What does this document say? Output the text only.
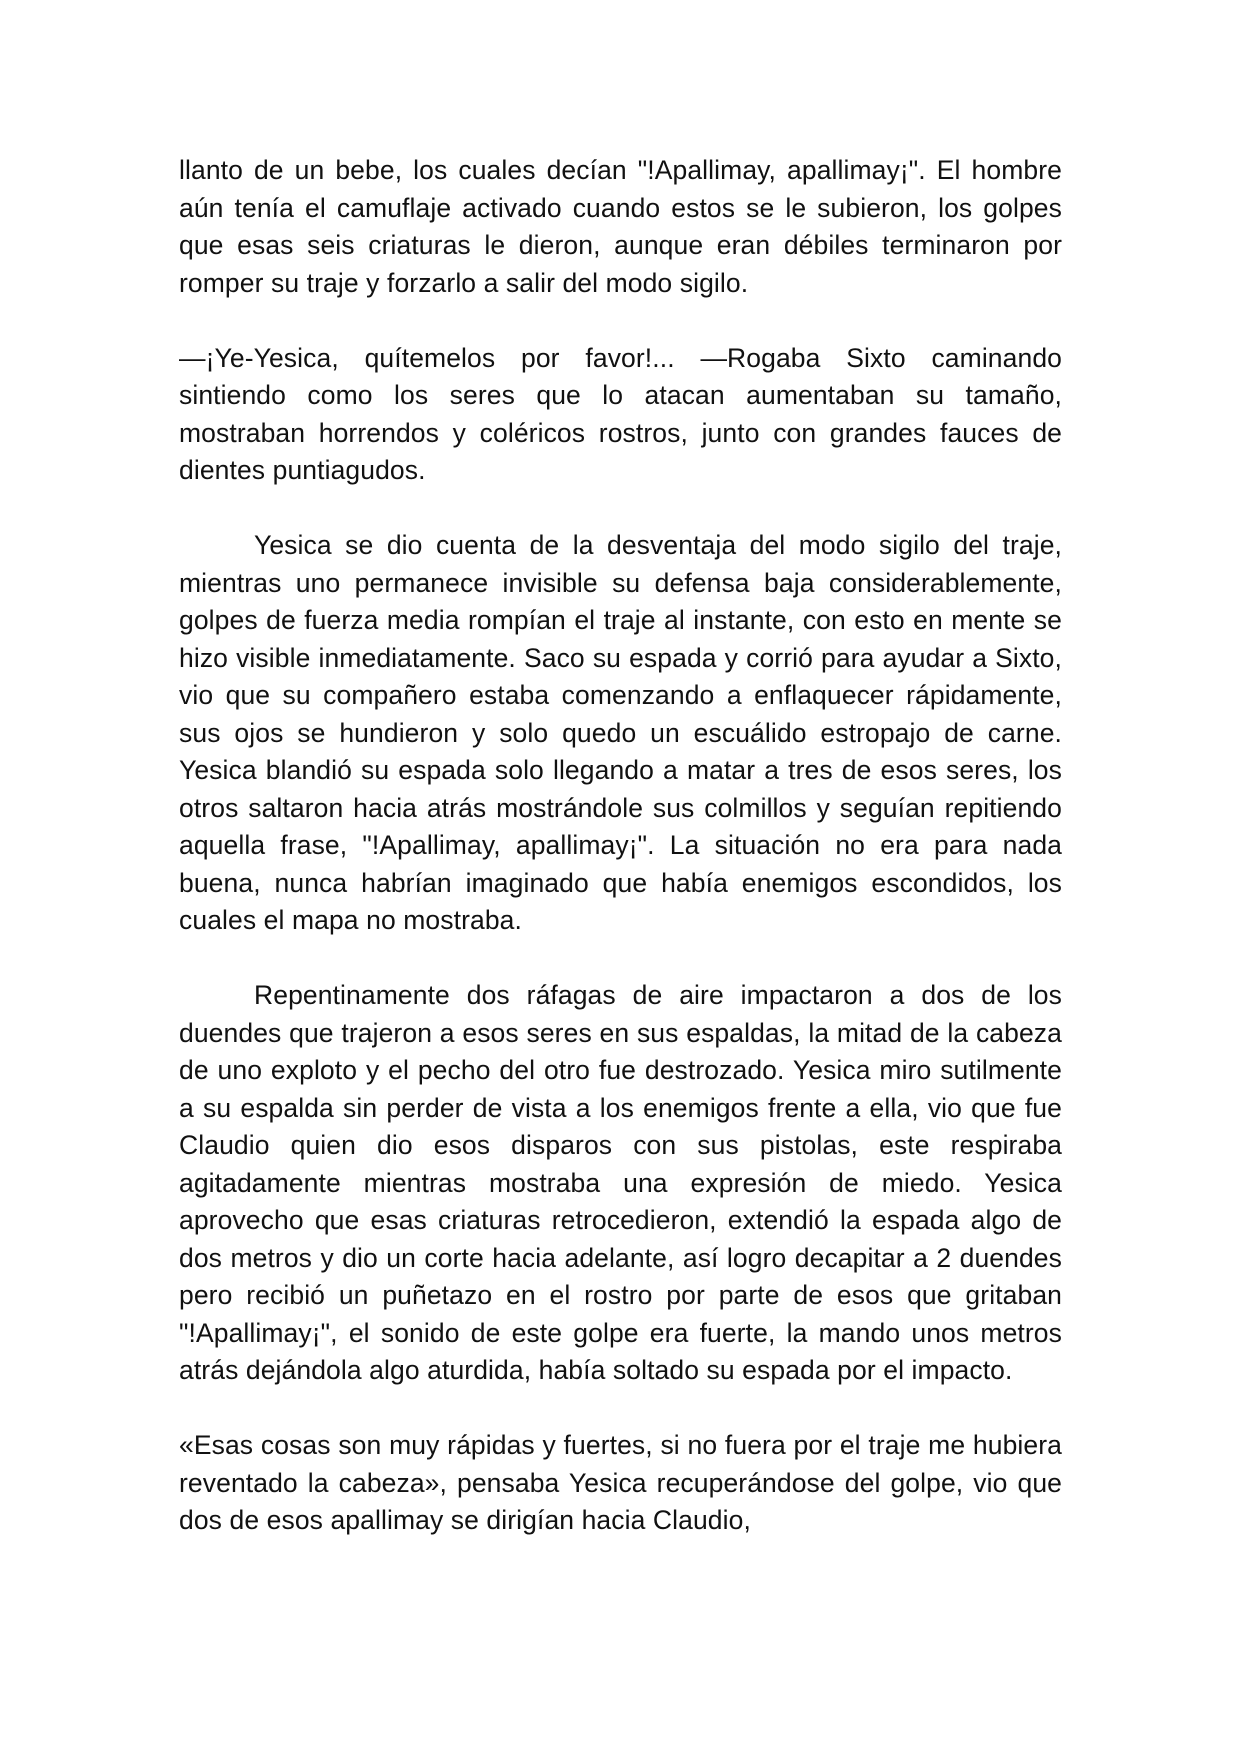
llanto de un bebe, los cuales decían "!Apallimay, apallimay¡". El hombre aún tenía el camuflaje activado cuando estos se le subieron, los golpes que esas seis criaturas le dieron, aunque eran débiles terminaron por romper su traje y forzarlo a salir del modo sigilo.

—¡Ye-Yesica, quítemelos por favor!... —Rogaba Sixto caminando sintiendo como los seres que lo atacan aumentaban su tamaño, mostraban horrendos y coléricos rostros, junto con grandes fauces de dientes puntiagudos.

Yesica se dio cuenta de la desventaja del modo sigilo del traje, mientras uno permanece invisible su defensa baja considerablemente, golpes de fuerza media rompían el traje al instante, con esto en mente se hizo visible inmediatamente. Saco su espada y corrió para ayudar a Sixto, vio que su compañero estaba comenzando a enflaquecer rápidamente, sus ojos se hundieron y solo quedo un escuálido estropajo de carne. Yesica blandió su espada solo llegando a matar a tres de esos seres, los otros saltaron hacia atrás mostrándole sus colmillos y seguían repitiendo aquella frase, "!Apallimay, apallimay¡". La situación no era para nada buena, nunca habrían imaginado que había enemigos escondidos, los cuales el mapa no mostraba.

Repentinamente dos ráfagas de aire impactaron a dos de los duendes que trajeron a esos seres en sus espaldas, la mitad de la cabeza de uno exploto y el pecho del otro fue destrozado. Yesica miro sutilmente a su espalda sin perder de vista a los enemigos frente a ella, vio que fue Claudio quien dio esos disparos con sus pistolas, este respiraba agitadamente mientras mostraba una expresión de miedo. Yesica aprovecho que esas criaturas retrocedieron, extendió la espada algo de dos metros y dio un corte hacia adelante, así logro decapitar a 2 duendes pero recibió un puñetazo en el rostro por parte de esos que gritaban "!Apallimay¡", el sonido de este golpe era fuerte, la mando unos metros atrás dejándola algo aturdida, había soltado su espada por el impacto.

«Esas cosas son muy rápidas y fuertes, si no fuera por el traje me hubiera reventado la cabeza», pensaba Yesica recuperándose del golpe, vio que dos de esos apallimay se dirigían hacia Claudio,
